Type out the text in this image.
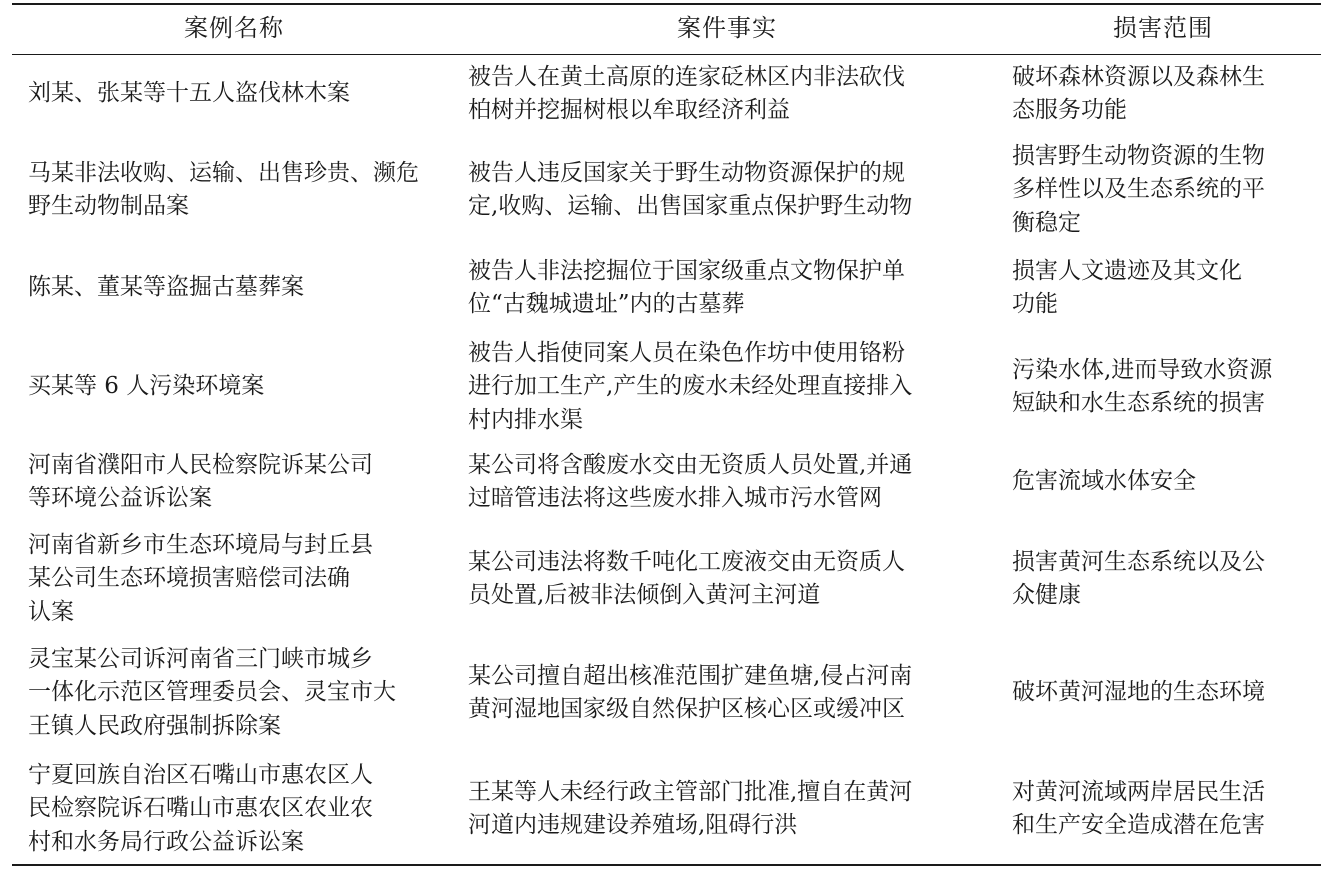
案例名称	案件事实	损害范围
刘某、张某等十五人盗伐林木案
被告人在黄土高原的连家砭林区内非法砍伐
柏树并挖掘树根以牟取经济利益
破坏森林资源以及森林生
态服务功能
马某非法收购、运输、出售珍贵、濒危
野生动物制品案
被告人违反国家关于野生动物资源保护的规
定,收购、运输、出售国家重点保护野生动物
损害野生动物资源的生物
多样性以及生态系统的平
衡稳定
陈某、董某等盗掘古墓葬案
被告人非法挖掘位于国家级重点文物保护单
位“古魏城遗址”内的古墓葬
损害人文遗迹及其文化
功能
买某等 6 人污染环境案
被告人指使同案人员在染色作坊中使用铬粉
进行加工生产,产生的废水未经处理直接排入
村内排水渠
污染水体,进而导致水资源
短缺和水生态系统的损害
河南省濮阳市人民检察院诉某公司
等环境公益诉讼案
某公司将含酸废水交由无资质人员处置,并通
过暗管违法将这些废水排入城市污水管网
危害流域水体安全
河南省新乡市生态环境局与封丘县
某公司生态环境损害赔偿司法确
认案
某公司违法将数千吨化工废液交由无资质人
员处置,后被非法倾倒入黄河主河道
损害黄河生态系统以及公
众健康
灵宝某公司诉河南省三门峡市城乡
一体化示范区管理委员会、灵宝市大
王镇人民政府强制拆除案
某公司擅自超出核准范围扩建鱼塘,侵占河南
黄河湿地国家级自然保护区核心区或缓冲区
破坏黄河湿地的生态环境
宁夏回族自治区石嘴山市惠农区人
民检察院诉石嘴山市惠农区农业农
村和水务局行政公益诉讼案
王某等人未经行政主管部门批准,擅自在黄河
河道内违规建设养殖场,阻碍行洪
对黄河流域两岸居民生活
和生产安全造成潜在危害
